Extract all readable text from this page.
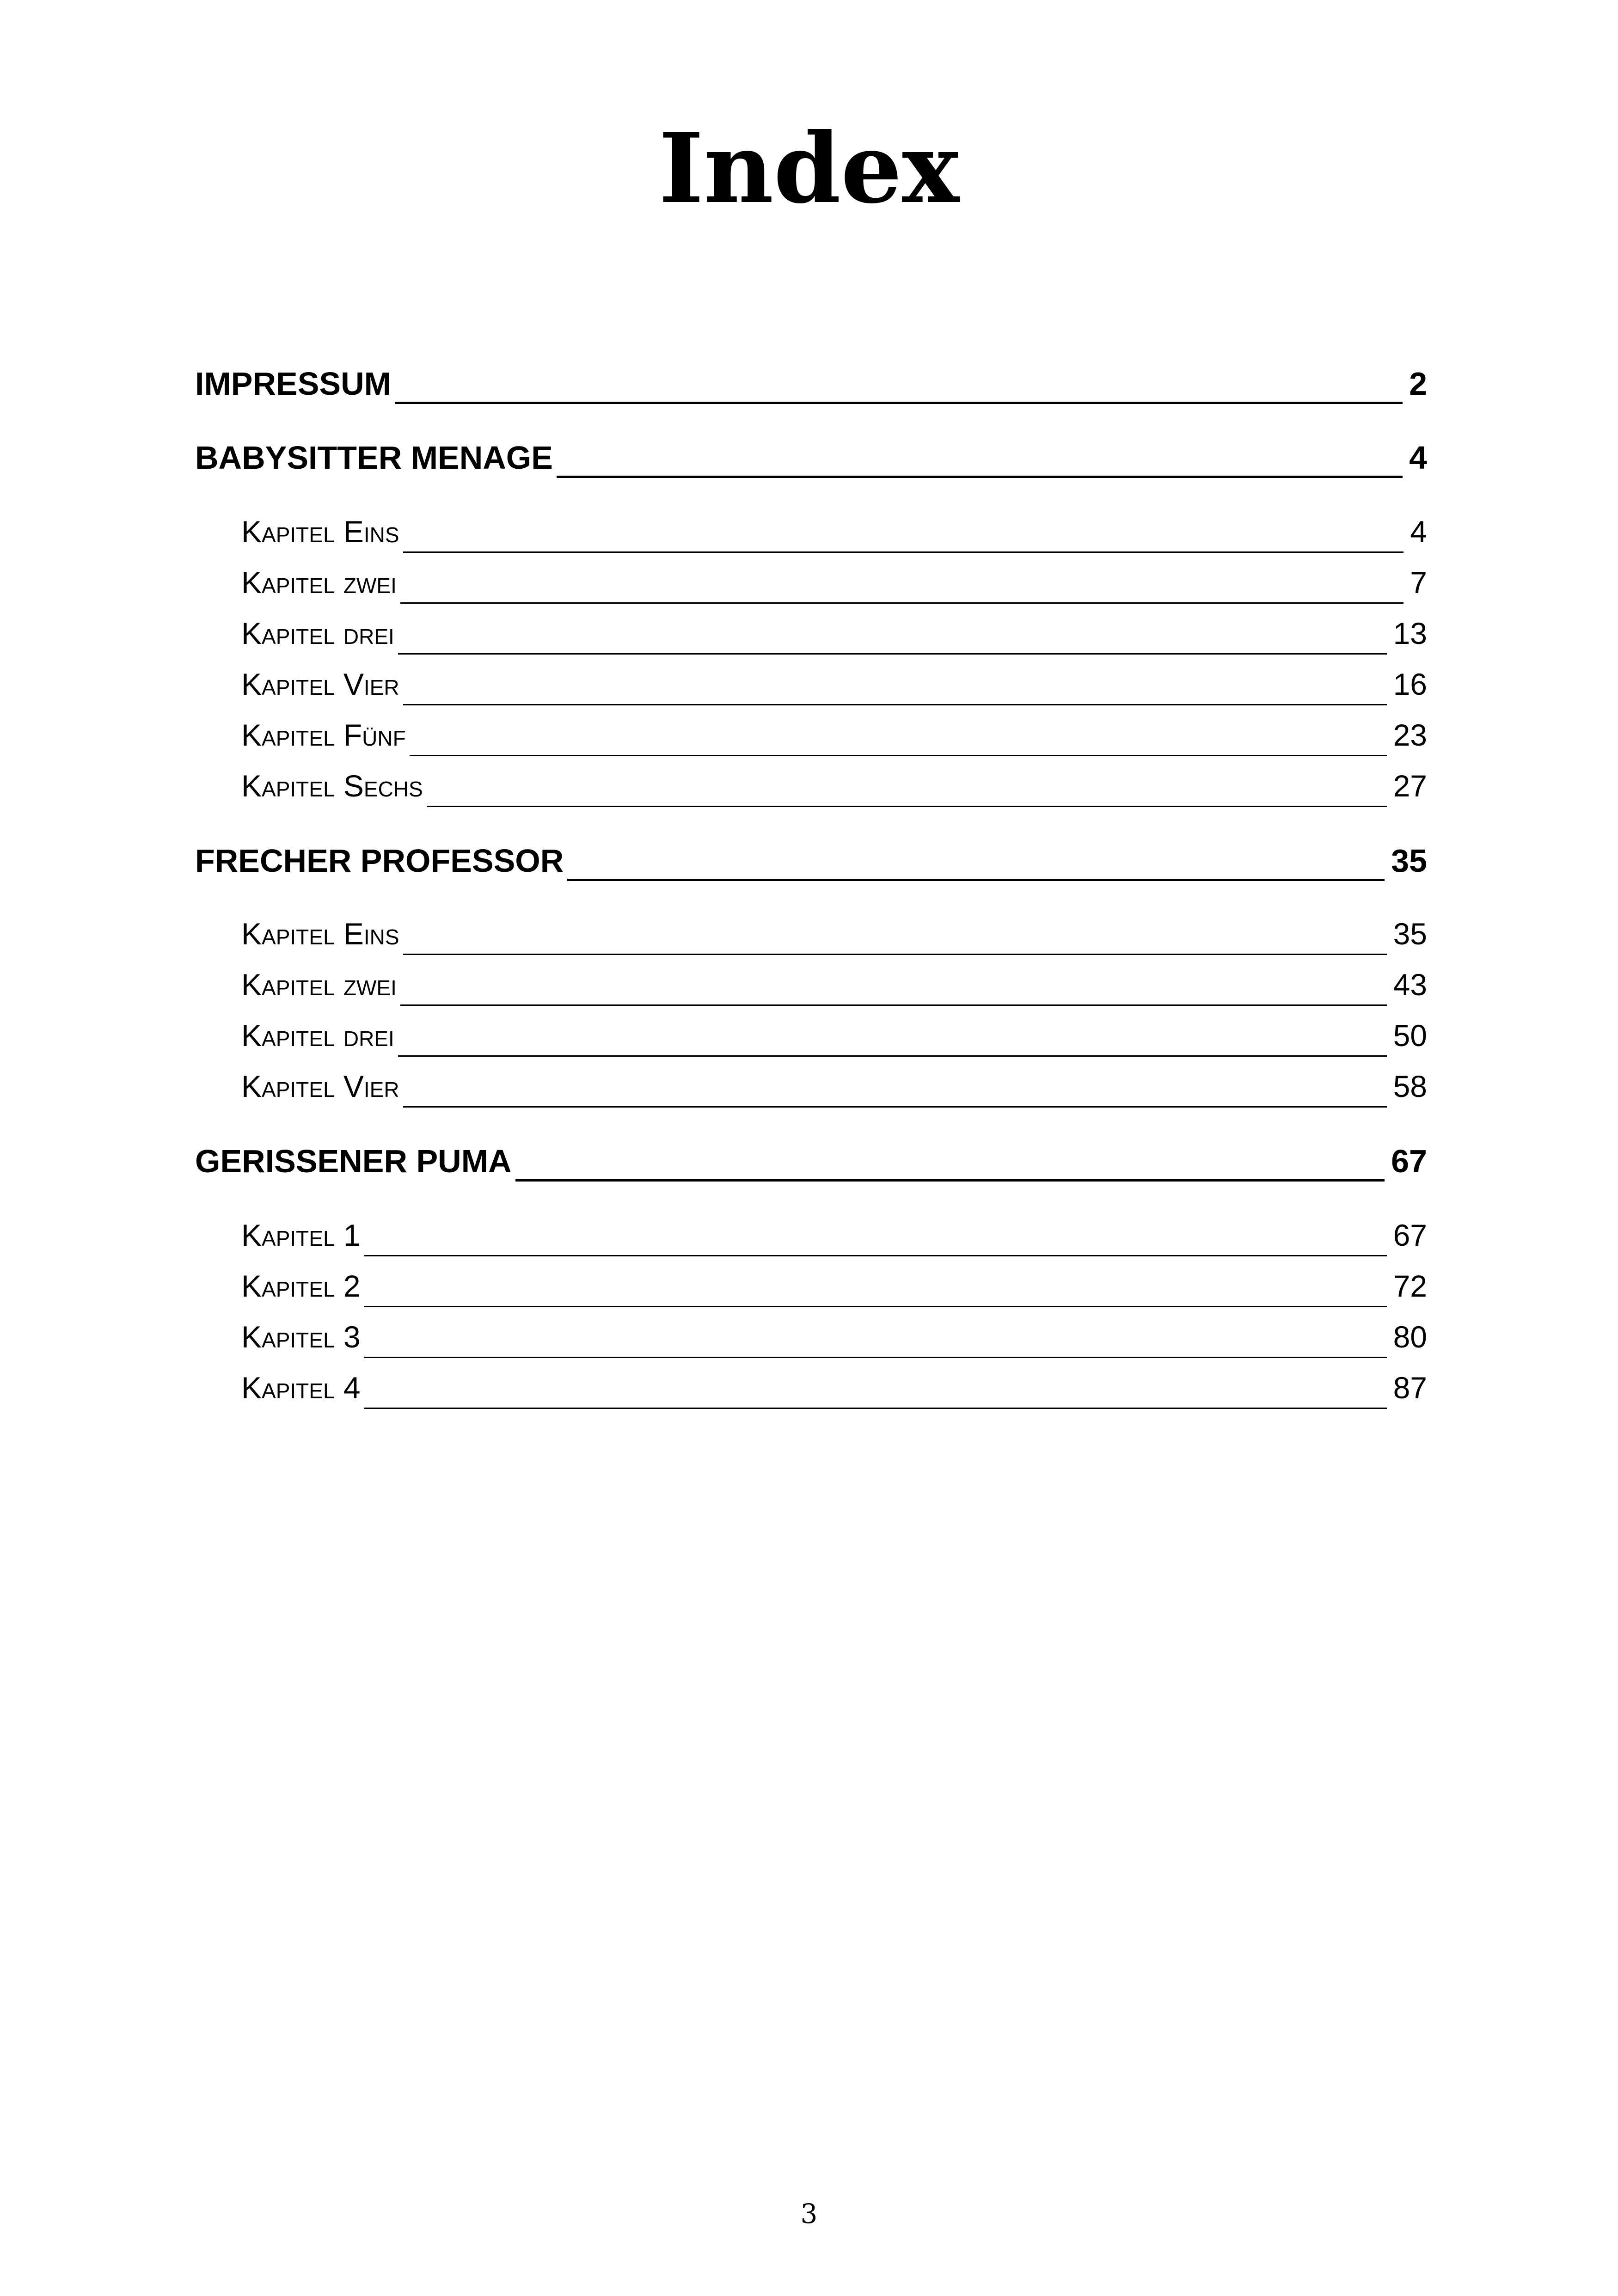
Index
IMPRESSUM	2
BABYSITTER MENAGE	4
Kapitel Eins	4
Kapitel zwei	7
Kapitel drei	13
Kapitel Vier	16
Kapitel Fünf	23
Kapitel Sechs	27
FRECHER PROFESSOR	35
Kapitel Eins	35
Kapitel zwei	43
Kapitel drei	50
Kapitel Vier	58
GERISSENER PUMA	67
Kapitel 1	67
Kapitel 2	72
Kapitel 3	80
Kapitel 4	87
3
